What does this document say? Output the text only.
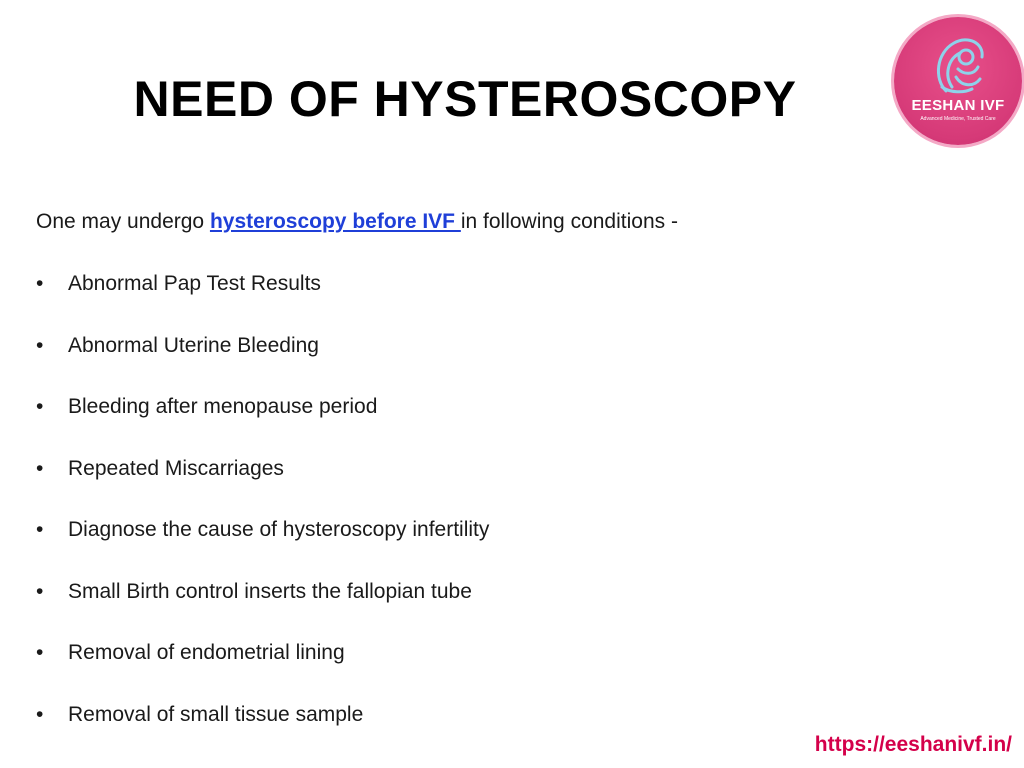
NEED OF HYSTEROSCOPY	EESHAN IVF
Advanced Medicine, Trusted Care
One may undergo hysteroscopy before IVF in following conditions -
•	Abnormal Pap Test Results
•	Abnormal Uterine Bleeding
•	Bleeding after menopause period
•	Repeated Miscarriages
•	Diagnose the cause of hysteroscopy infertility
•	Small Birth control inserts the fallopian tube
•	Removal of endometrial lining
•	Removal of small tissue sample
https://eeshanivf.in/
